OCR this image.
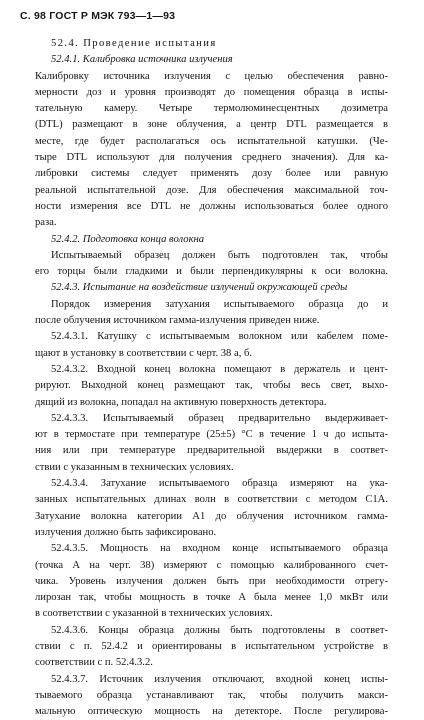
С. 98 ГОСТ Р МЭК 793—1—93
52.4. Проведение испытания
52.4.1. Калибровка источника излучения
Калибровку источника излучения с целью обеспечения равно-
мерности доз и уровня производят до помещения образца в испы-
тательную камеру. Четыре термолюминесцентных дозиметра
(DTL) размещают в зоне облучения, а центр DTL размещается в
месте, где будет располагаться ось испытательной катушки. (Че-
тыре DTL используют для получения среднего значения). Для ка-
либровки системы следует применять дозу более или равную
реальной испытательной дозе. Для обеспечения максимальной точ-
ности измерения все DTL не должны использоваться более одного
раза.
52.4.2. Подготовка конца волокна
Испытываемый образец должен быть подготовлен так, чтобы
его торцы были гладкими и были перпендикулярны к оси волокна.
52.4.3. Испытание на воздействие излучений окружающей среды
Порядок измерения затухания испытываемого образца до и
после облучения источником гамма-излучения приведен ниже.
52.4.3.1. Катушку с испытываемым волокном или кабелем поме-
щают в установку в соответствии с черт. 38 а, б.
52.4.3.2. Входной конец волокна помещают в держатель и цент-
рируют. Выходной конец размещают так, чтобы весь свет, выхо-
дящий из волокна, попадал на активную поверхность детектора.
52.4.3.3. Испытываемый образец предварительно выдерживает-
ют в термостате при температуре (25±5) °С в течение 1 ч до испыта-
ния или при температуре предварительной выдержки в соответ-
ствии с указанным в технических условиях.
52.4.3.4. Затухание испытываемого образца измеряют на ука-
занных испытательных длинах волн в соответствии с методом С1А.
Затухание волокна категории А1 до облучения источником гамма-
излучения должно быть зафиксировано.
52.4.3.5. Мощность на входном конце испытываемого образца
(точка А на черт. 38) измеряют с помощью калиброванного счет-
чика. Уровень излучения должен быть при необходимости отрегу-
лирозан так, чтобы мощность в точке А была менее 1,0 мкВт или
в соответствии с указанной в технических условиях.
52.4.3.6. Концы образца должны быть подготовлены в соответ-
ствии с п. 52.4.2 и ориентированы в испытательном устройстве в
соответствии с п. 52.4.3.2.
52.4.3.7. Источник излучения отключают, входной конец испы-
тываемого образца устанавливают так, чтобы получить макси-
мальную оптическую мощность на детекторе. После регулирова-
